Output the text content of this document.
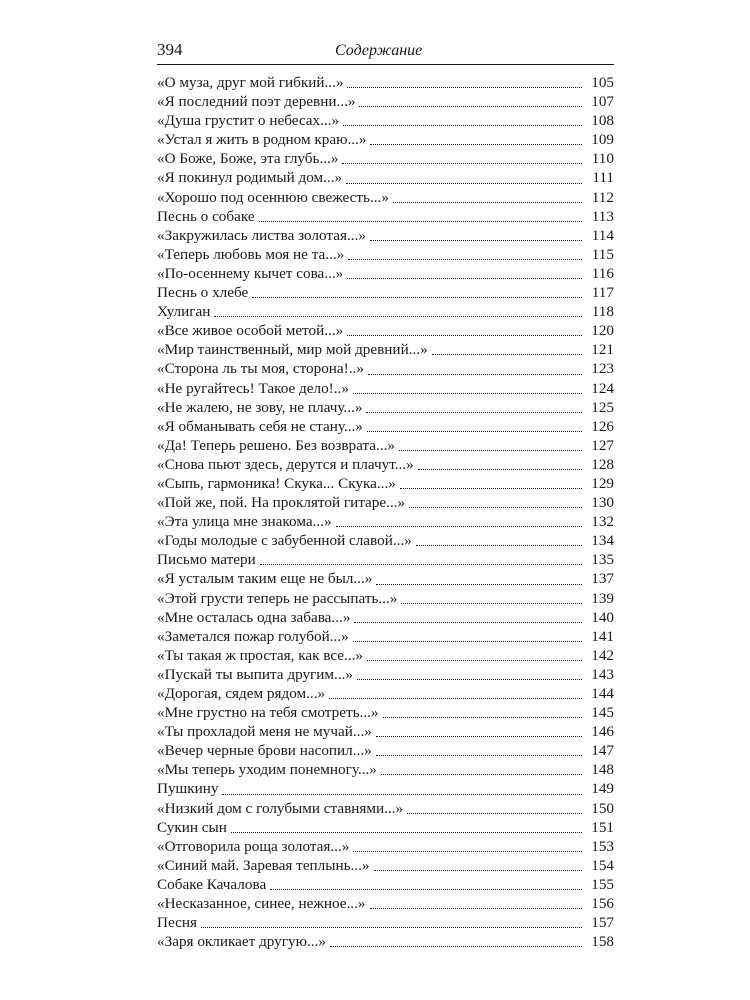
394	Содержание
«О муза, друг мой гибкий...»	105
«Я последний поэт деревни...»	107
«Душа грустит о небесах...»	108
«Устал я жить в родном краю...»	109
«О Боже, Боже, эта глубь...»	110
«Я покинул родимый дом...»	111
«Хорошо под осеннюю свежесть...»	112
Песнь о собаке	113
«Закружилась листва золотая...»	114
«Теперь любовь моя не та...»	115
«По-осеннему кычет сова...»	116
Песнь о хлебе	117
Хулиган	118
«Все живое особой метой...»	120
«Мир таинственный, мир мой древний...»	121
«Сторона ль ты моя, сторона!..»	123
«Не ругайтесь! Такое дело!..»	124
«Не жалею, не зову, не плачу...»	125
«Я обманывать себя не стану...»	126
«Да! Теперь решено. Без возврата...»	127
«Снова пьют здесь, дерутся и плачут...»	128
«Сыпь, гармоника! Скука... Скука...»	129
«Пой же, пой. На проклятой гитаре...»	130
«Эта улица мне знакома...»	132
«Годы молодые с забубенной славой...»	134
Письмо матери	135
«Я усталым таким еще не был...»	137
«Этой грусти теперь не рассыпать...»	139
«Мне осталась одна забава...»	140
«Заметался пожар голубой...»	141
«Ты такая ж простая, как все...»	142
«Пускай ты выпита другим...»	143
«Дорогая, сядем рядом...»	144
«Мне грустно на тебя смотреть...»	145
«Ты прохладой меня не мучай...»	146
«Вечер черные брови насопил...»	147
«Мы теперь уходим понемногу...»	148
Пушкину	149
«Низкий дом с голубыми ставнями...»	150
Сукин сын	151
«Отговорила роща золотая...»	153
«Синий май. Заревая теплынь...»	154
Собаке Качалова	155
«Несказанное, синее, нежное...»	156
Песня	157
«Заря окликает другую...»	158
